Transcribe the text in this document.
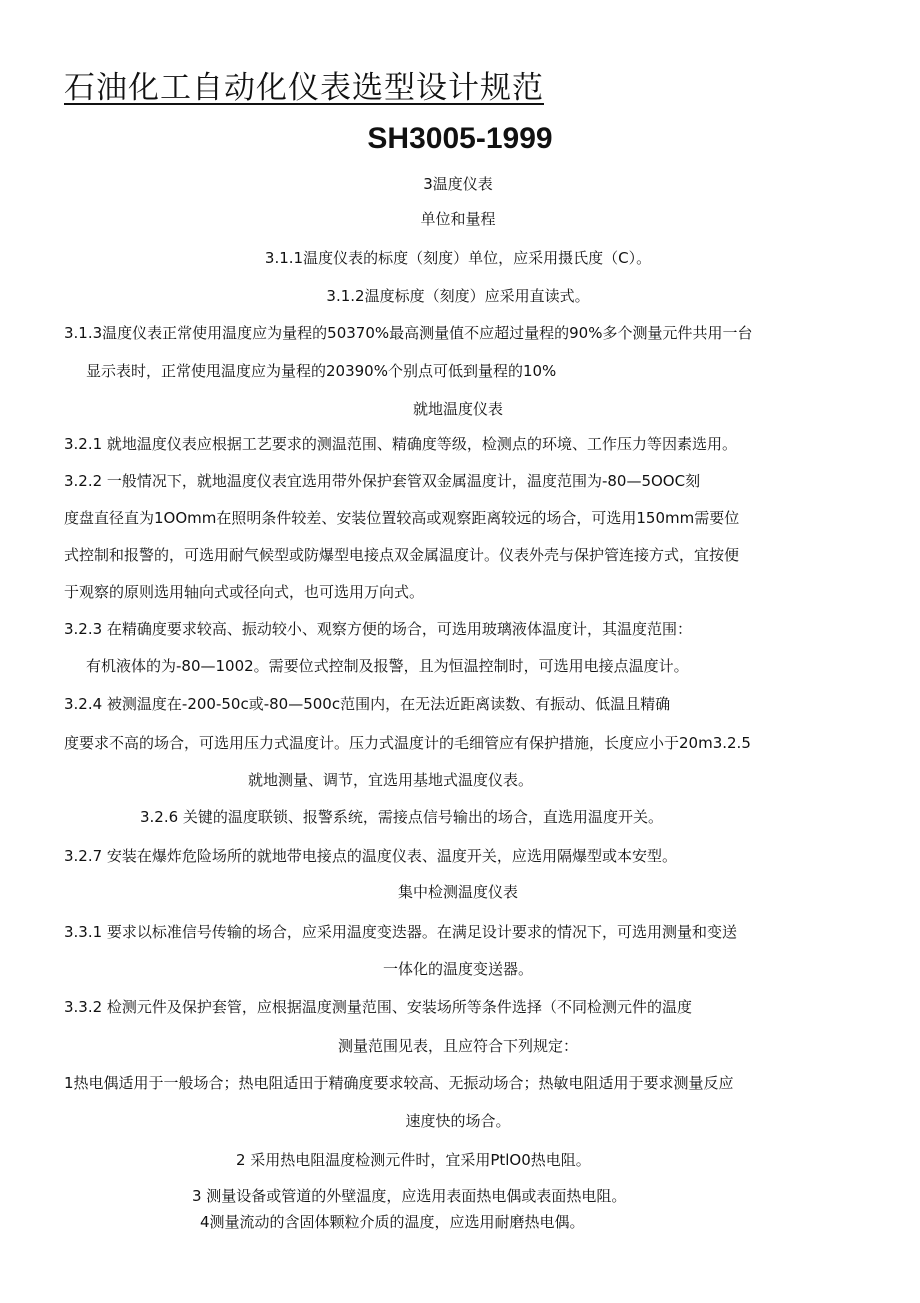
石油化工自动化仪表选型设计规范
SH3005-1999
3温度仪表
单位和量程
3.1.1温度仪表的标度（刻度）单位，应采用摄氏度（C）。
3.1.2温度标度（刻度）应采用直读式。
3.1.3温度仪表正常使用温度应为量程的50370%最高测量值不应超过量程的90%多个测量元件共用一台
显示表时，正常使甩温度应为量程的20390%个别点可低到量程的10%
就地温度仪表
3.2.1 就地温度仪表应根据工艺要求的测温范围、精确度等级，检测点的环境、工作压力等因素选用。
3.2.2 一般情况下，就地温度仪表宜选用带外保护套管双金属温度计，温度范围为-80—5OOC刻
度盘直径直为1OOmm在照明条件较差、安装位置较高或观察距离较远的场合，可选用150mm需要位
式控制和报警的，可选用耐气候型或防爆型电接点双金属温度计。仪表外壳与保护管连接方式，宜按便
于观察的原则选用轴向式或径向式，也可选用万向式。
3.2.3 在精确度要求较高、振动较小、观察方便的场合，可选用玻璃液体温度计，其温度范围：
有机液体的为-80—1002。需要位式控制及报警，且为恒温控制时，可选用电接点温度计。
3.2.4 被测温度在-200-50c或-80—500c范围内，在无法近距离读数、有振动、低温且精确
度要求不高的场合，可选用压力式温度计。压力式温度计的毛细管应有保护措施，长度应小于20m3.2.5
就地测量、调节，宜选用基地式温度仪表。
3.2.6 关键的温度联锁、报警系统，需接点信号输出的场合，直选用温度开关。
3.2.7 安装在爆炸危险场所的就地带电接点的温度仪表、温度开关，应选用隔爆型或本安型。
集中检测温度仪表
3.3.1 要求以标准信号传输的场合，应采用温度变迭器。在满足设计要求的情况下，可选用测量和变送
一体化的温度变送器。
3.3.2 检测元件及保护套管，应根据温度测量范围、安装场所等条件选择（不同检测元件的温度
测量范围见表，且应符合下列规定：
1热电偶适用于一般场合；热电阻适田于精确度要求较高、无振动场合；热敏电阻适用于要求测量反应
速度快的场合。
2 采用热电阻温度检测元件时，宜采用PtlO0热电阻。
3 测量设备或管道的外壁温度，应选用表面热电偶或表面热电阻。
4测量流动的含固体颗粒介质的温度，应选用耐磨热电偶。
